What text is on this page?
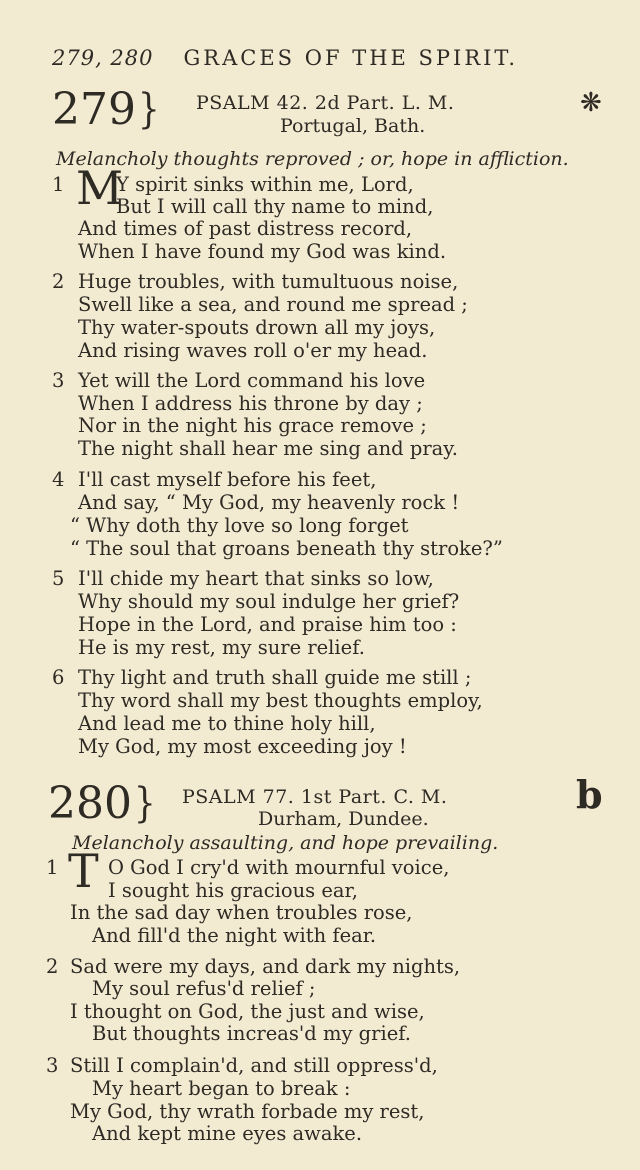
279, 280 GRACES OF THE SPIRIT.
279} PSALM 42. 2d Part. L. M.	❋
Portugal, Bath.
Melancholy thoughts reproved ; or, hope in affliction.
1 M
Y spirit sinks within me, Lord,
But I will call thy name to mind,
And times of past distress record,
When I have found my God was kind.
2 Huge troubles, with tumultuous noise,
Swell like a sea, and round me spread ;
Thy water-spouts drown all my joys,
And rising waves roll o'er my head.
3 Yet will the Lord command his love
When I address his throne by day ;
Nor in the night his grace remove ;
The night shall hear me sing and pray.
4 I'll cast myself before his feet,
And say, “ My God, my heavenly rock !
“ Why doth thy love so long forget
“ The soul that groans beneath thy stroke?”
5 I'll chide my heart that sinks so low,
Why should my soul indulge her grief?
Hope in the Lord, and praise him too :
He is my rest, my sure relief.
6 Thy light and truth shall guide me still ;
Thy word shall my best thoughts employ,
And lead me to thine holy hill,
My God, my most exceeding joy !
280} PSALM 77. 1st Part. C. M.	b
Durham, Dundee.
Melancholy assaulting, and hope prevailing.
1 T O God I cry'd with mournful voice,
I sought his gracious ear,
In the sad day when troubles rose,
And fill'd the night with fear.
2 Sad were my days, and dark my nights,
My soul refus'd relief ;
I thought on God, the just and wise,
But thoughts increas'd my grief.
3 Still I complain'd, and still oppress'd,
My heart began to break :
My God, thy wrath forbade my rest,
And kept mine eyes awake.
